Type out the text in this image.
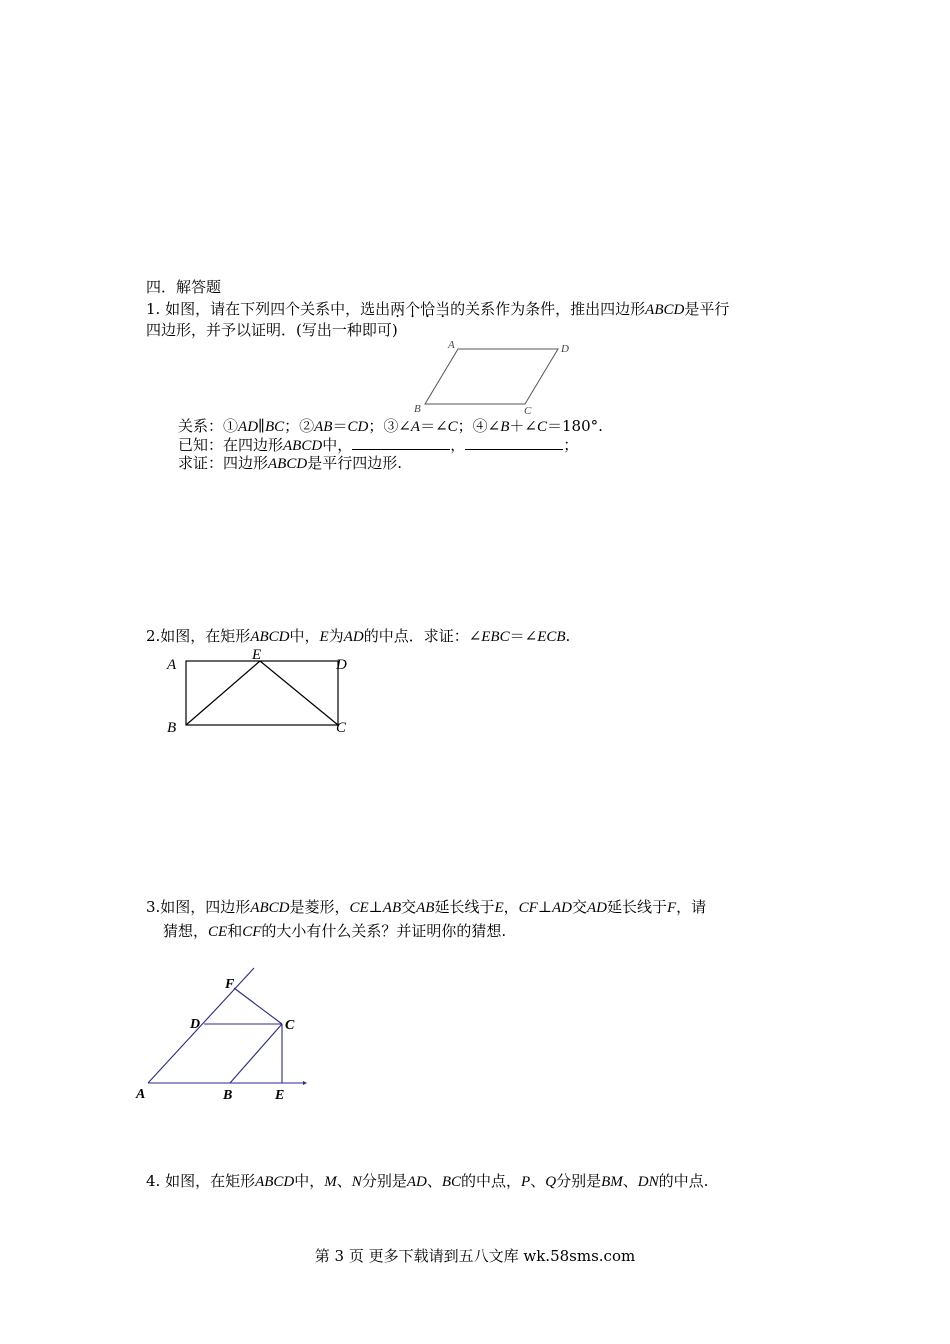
四．解答题
1. 如图，请在下列四个关系中，选出两个恰当的关系作为条件，推出四边形ABCD是平行
四边形，并予以证明．(写出一种即可)
A	D
B	C
关系：①AD∥BC；②AB＝CD；③∠A＝∠C；④∠B＋∠C＝180°.
已知：在四边形ABCD中，	，	；
求证：四边形ABCD是平行四边形.
2.如图，在矩形ABCD中，E为AD的中点．求证：∠EBC＝∠ECB.
A
E
D
B	C
3.如图，四边形ABCD是菱形，CE⊥AB交AB延长线于E，CF⊥AD交AD延长线于F，请
猜想，CE和CF的大小有什么关系？并证明你的猜想.
F
D	C
A	B	E
4. 如图，在矩形ABCD中，M、N分别是AD、BC的中点，P、Q分别是BM、DN的中点.
第 3 页 更多下载请到五八文库 wk.58sms.com
